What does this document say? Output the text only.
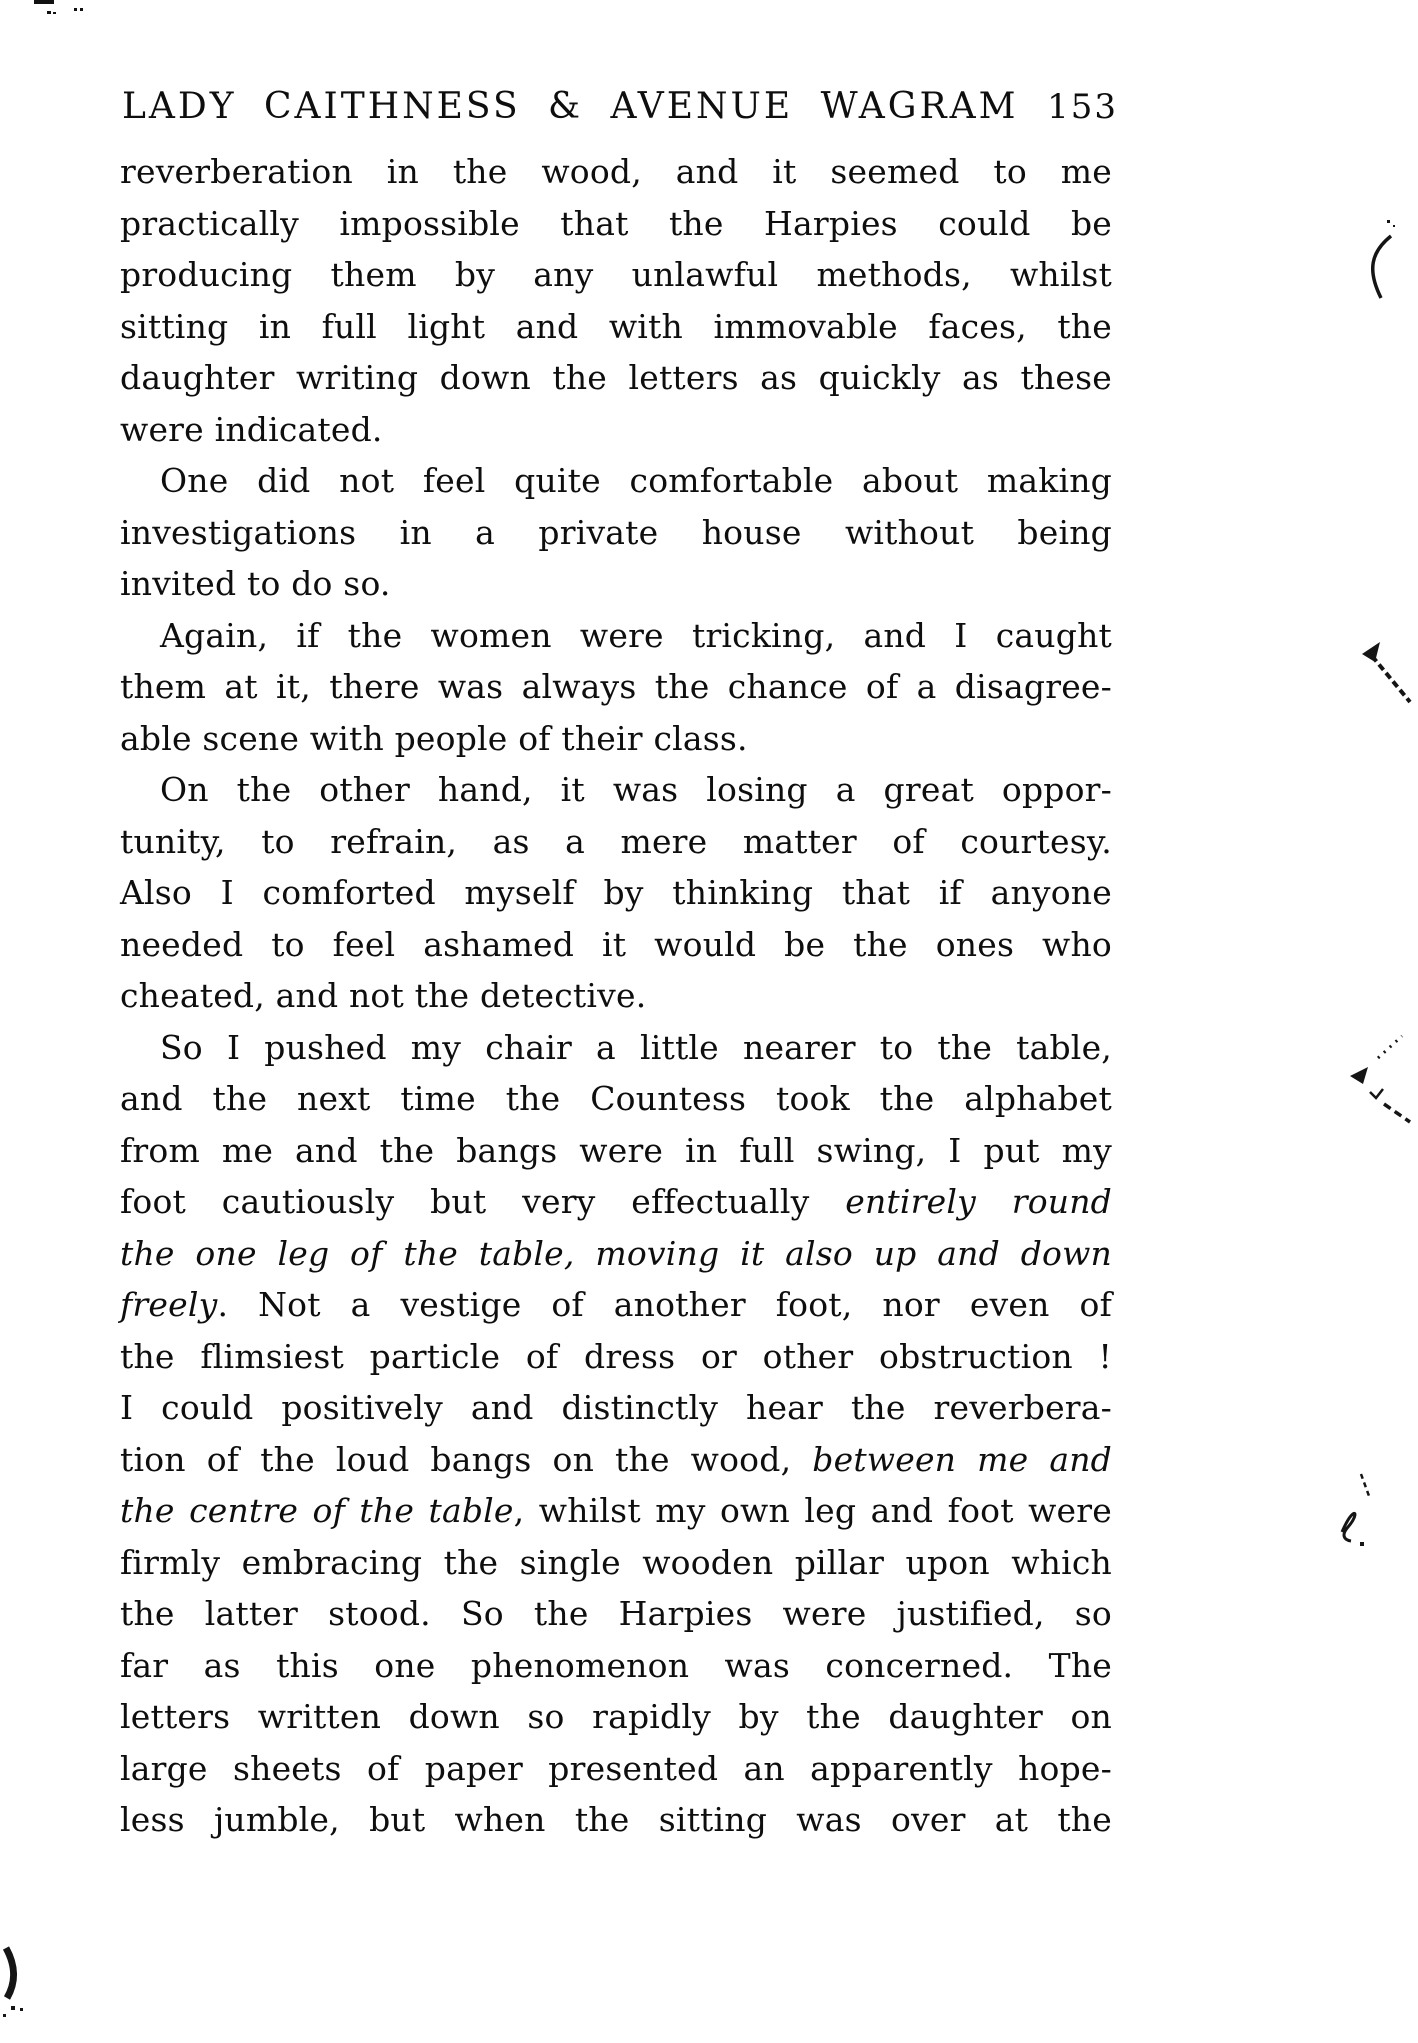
LADY CAITHNESS & AVENUE WAGRAM 153
reverberation in the wood, and it seemed to me
practically impossible that the Harpies could be
producing them by any unlawful methods, whilst
sitting in full light and with immovable faces, the
daughter writing down the letters as quickly as these
were indicated.
One did not feel quite comfortable about making
investigations in a private house without being
invited to do so.
Again, if the women were tricking, and I caught
them at it, there was always the chance of a disagree-
able scene with people of their class.
On the other hand, it was losing a great oppor-
tunity, to refrain, as a mere matter of courtesy.
Also I comforted myself by thinking that if anyone
needed to feel ashamed it would be the ones who
cheated, and not the detective.
So I pushed my chair a little nearer to the table,
and the next time the Countess took the alphabet
from me and the bangs were in full swing, I put my
foot cautiously but very effectually entirely round
the one leg of the table, moving it also up and down
freely. Not a vestige of another foot, nor even of
the flimsiest particle of dress or other obstruction !
I could positively and distinctly hear the reverbera-
tion of the loud bangs on the wood, between me and
the centre of the table, whilst my own leg and foot were
firmly embracing the single wooden pillar upon which
the latter stood. So the Harpies were justified, so
far as this one phenomenon was concerned. The
letters written down so rapidly by the daughter on
large sheets of paper presented an apparently hope-
less jumble, but when the sitting was over at the
